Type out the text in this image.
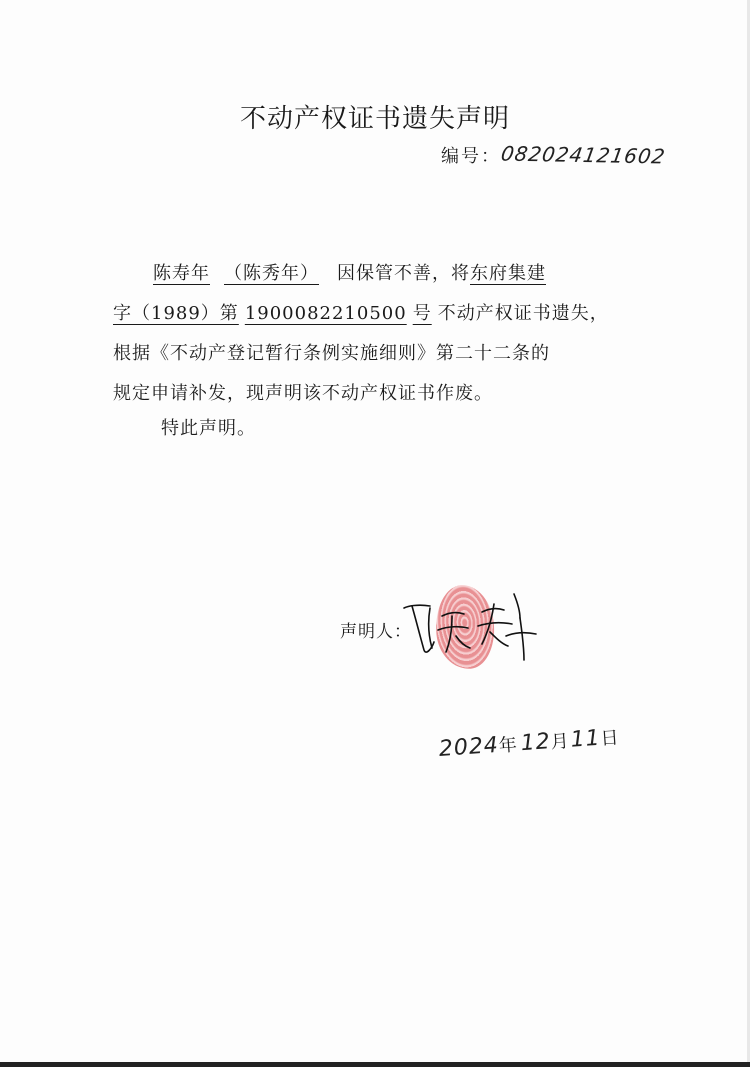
不动产权证书遗失声明
编号：082024121602
陈寿年 （陈秀年） 因保管不善，将东府集建
字（1989）第 1900082210500 号 不动产权证书遗失，
根据《不动产登记暂行条例实施细则》第二十二条的
规定申请补发，现声明该不动产权证书作废。
特此声明。
声明人：
2024年 12月11日
